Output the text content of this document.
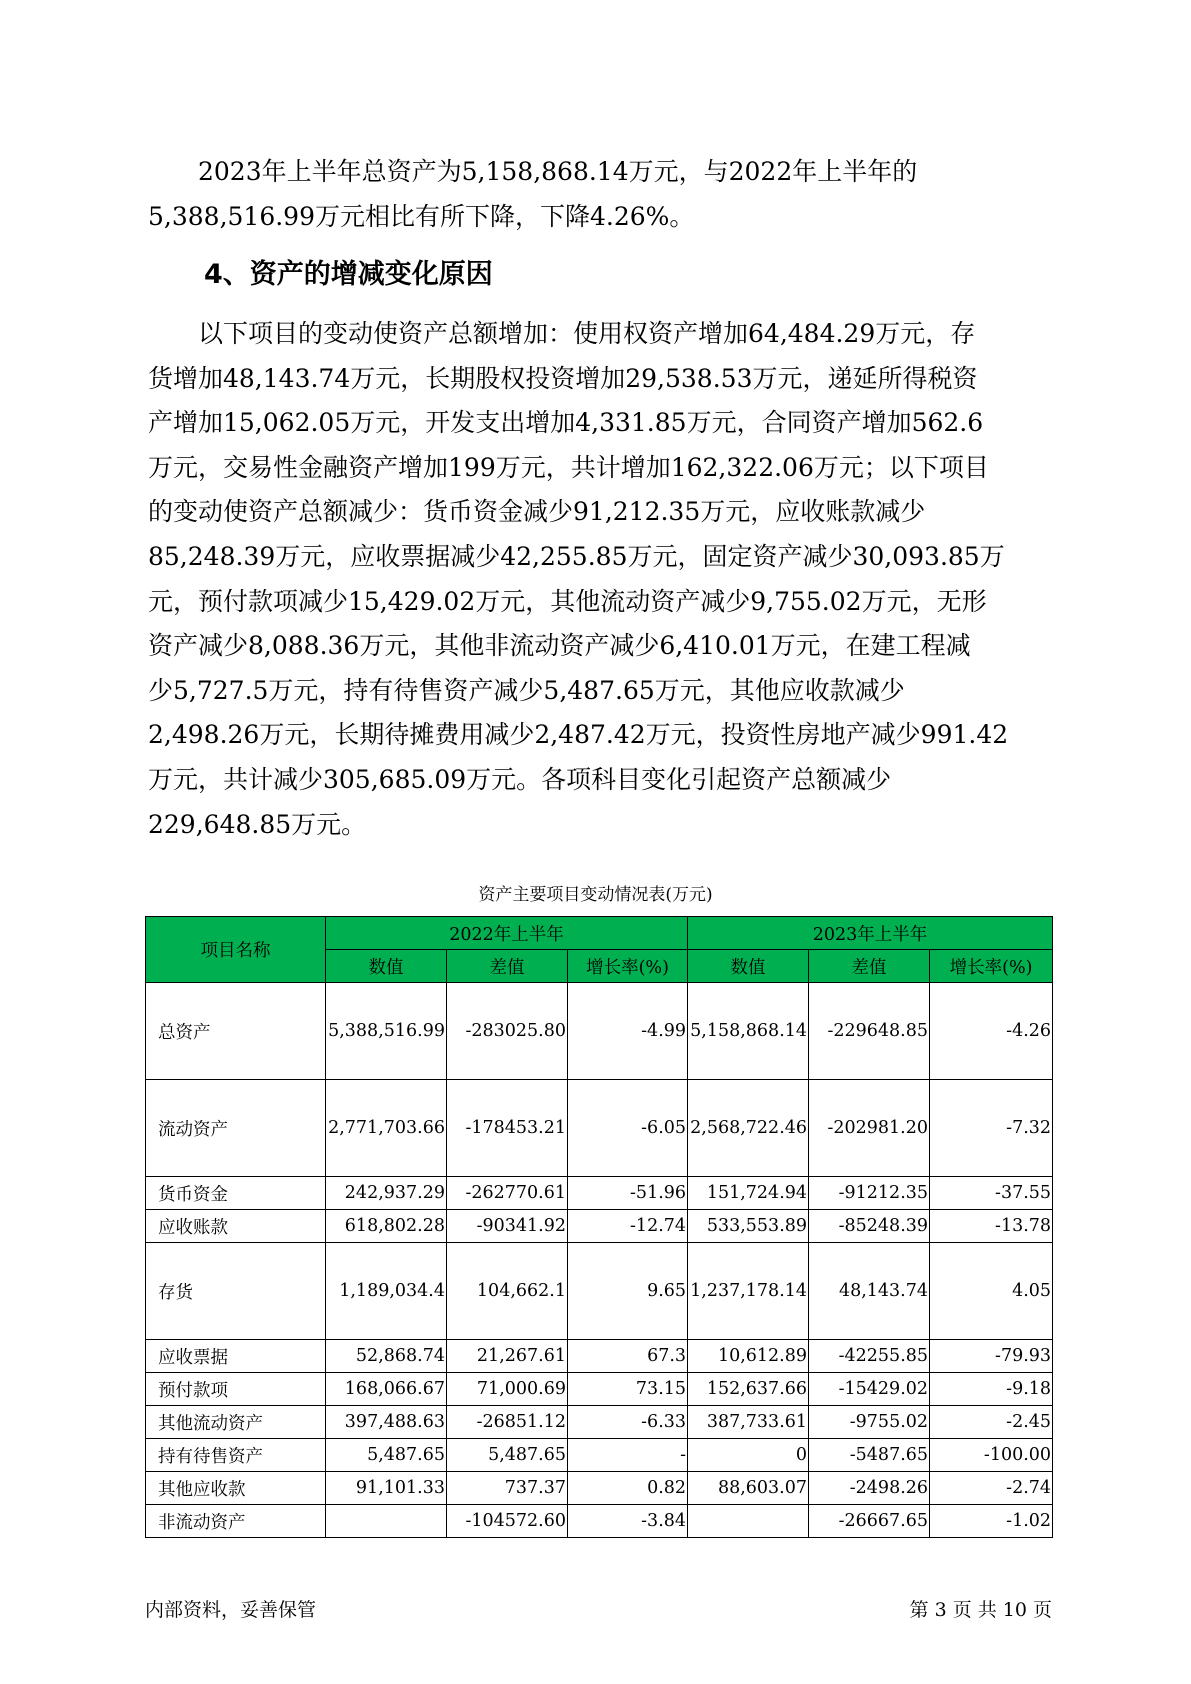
2023年上半年总资产为5,158,868.14万元，与2022年上半年的
5,388,516.99万元相比有所下降，下降4.26%。
4、资产的增减变化原因
以下项目的变动使资产总额增加：使用权资产增加64,484.29万元，存
货增加48,143.74万元，长期股权投资增加29,538.53万元，递延所得税资
产增加15,062.05万元，开发支出增加4,331.85万元，合同资产增加562.6
万元，交易性金融资产增加199万元，共计增加162,322.06万元；以下项目
的变动使资产总额减少：货币资金减少91,212.35万元，应收账款减少
85,248.39万元，应收票据减少42,255.85万元，固定资产减少30,093.85万
元，预付款项减少15,429.02万元，其他流动资产减少9,755.02万元，无形
资产减少8,088.36万元，其他非流动资产减少6,410.01万元，在建工程减
少5,727.5万元，持有待售资产减少5,487.65万元，其他应收款减少
2,498.26万元，长期待摊费用减少2,487.42万元，投资性房地产减少991.42
万元，共计减少305,685.09万元。各项科目变化引起资产总额减少
229,648.85万元。
资产主要项目变动情况表(万元)
项目名称	2022年上半年			2023年上半年		
	数值	差值	增长率(%)	数值	差值	增长率(%)
总资产	5,388,516.99	-283025.80	-4.99	5,158,868.14	-229648.85	-4.26
流动资产	2,771,703.66	-178453.21	-6.05	2,568,722.46	-202981.20	-7.32
货币资金	242,937.29	-262770.61	-51.96	151,724.94	-91212.35	-37.55
应收账款	618,802.28	-90341.92	-12.74	533,553.89	-85248.39	-13.78
存货	1,189,034.4	104,662.1	9.65	1,237,178.14	48,143.74	4.05
应收票据	52,868.74	21,267.61	67.3	10,612.89	-42255.85	-79.93
预付款项	168,066.67	71,000.69	73.15	152,637.66	-15429.02	-9.18
其他流动资产	397,488.63	-26851.12	-6.33	387,733.61	-9755.02	-2.45
持有待售资产	5,487.65	5,487.65	-	0	-5487.65	-100.00
其他应收款	91,101.33	737.37	0.82	88,603.07	-2498.26	-2.74
非流动资产		-104572.60	-3.84		-26667.65	-1.02
内部资料，妥善保管	第 3 页 共 10 页
